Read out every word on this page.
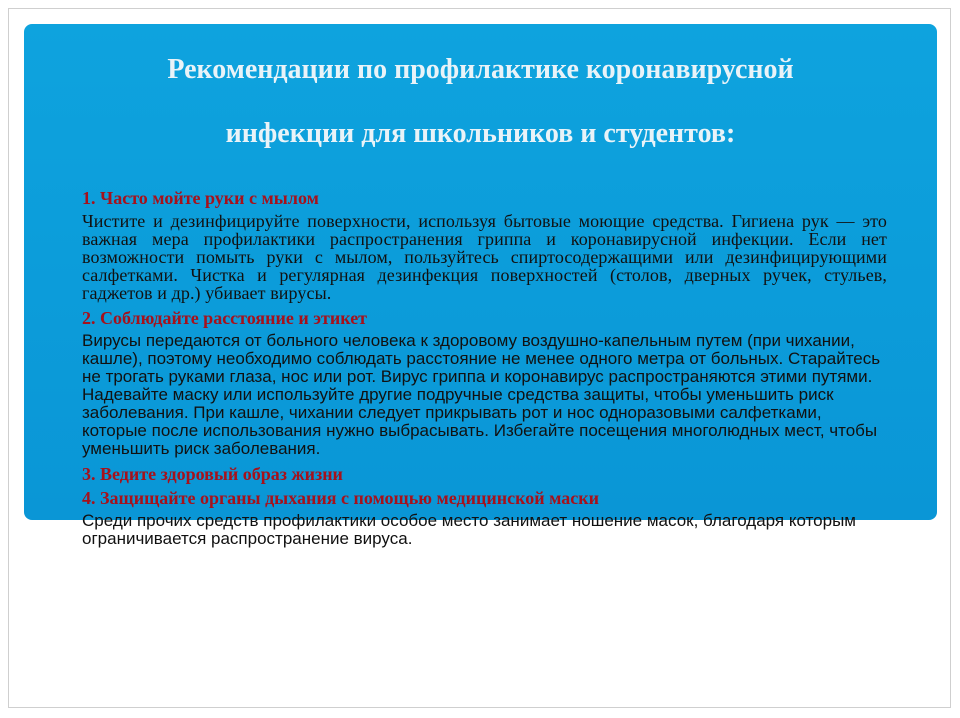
Рекомендации по профилактике коронавирусной
инфекции для школьников и студентов:

1. Часто мойте руки с мылом

Чистите и дезинфицируйте поверхности, используя бытовые моющие средства. Гигиена рук — это важная мера профилактики распространения гриппа и коронавирусной инфекции. Если нет возможности помыть руки с мылом, пользуйтесь спиртосодержащими или дезинфицирующими салфетками. Чистка и регулярная дезинфекция поверхностей (столов, дверных ручек, стульев, гаджетов и др.) убивает вирусы.

2. Соблюдайте расстояние и этикет

Вирусы передаются от больного человека к здоровому воздушно-капельным путем (при чихании, кашле), поэтому необходимо соблюдать расстояние не менее одного метра от больных. Старайтесь не трогать руками глаза, нос или рот. Вирус гриппа и коронавирус распространяются этими путями. Надевайте маску или используйте другие подручные средства защиты, чтобы уменьшить риск заболевания. При кашле, чихании следует прикрывать рот и нос одноразовыми салфетками, которые после использования нужно выбрасывать. Избегайте посещения многолюдных мест, чтобы уменьшить риск заболевания.

3. Ведите здоровый образ жизни

4. Защищайте органы дыхания с помощью медицинской маски

Среди прочих средств профилактики особое место занимает ношение масок, благодаря которым ограничивается распространение вируса.
